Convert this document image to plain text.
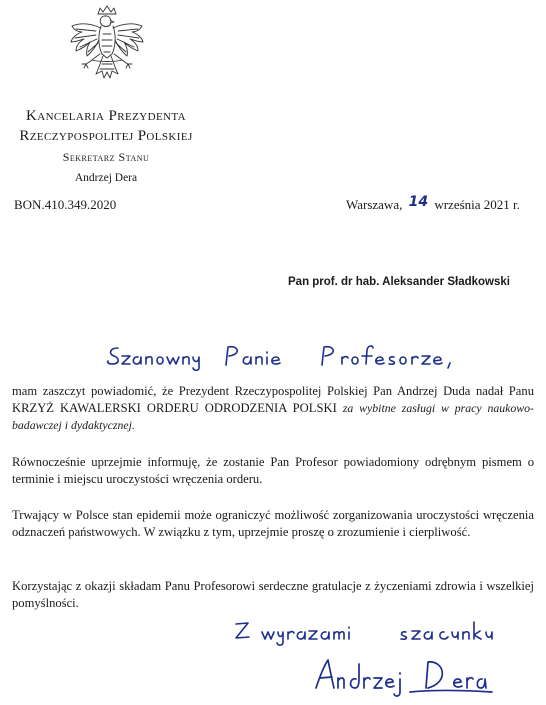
Kancelaria Prezydenta
Rzeczypospolitej Polskiej
Sekretarz Stanu
Andrzej Dera
BON.410.349.2020	Warszawa, 14 września 2021 r.
Pan prof. dr hab. Aleksander Sładkowski

mam zaszczyt powiadomić, że Prezydent Rzeczypospolitej Polskiej Pan Andrzej Duda nadał Panu KRZYŻ KAWALERSKI ORDERU ODRODZENIA POLSKI za wybitne zasługi w pracy naukowo-badawczej i dydaktycznej.

Równocześnie uprzejmie informuję, że zostanie Pan Profesor powiadomiony odrębnym pismem o terminie i miejscu uroczystości wręczenia orderu.

Trwający w Polsce stan epidemii może ograniczyć możliwość zorganizowania uroczystości wręczenia odznaczeń państwowych. W związku z tym, uprzejmie proszę o zrozumienie i cierpliwość.

Korzystając z okazji składam Panu Profesorowi serdeczne gratulacje z życzeniami zdrowia i wszelkiej pomyślności.
